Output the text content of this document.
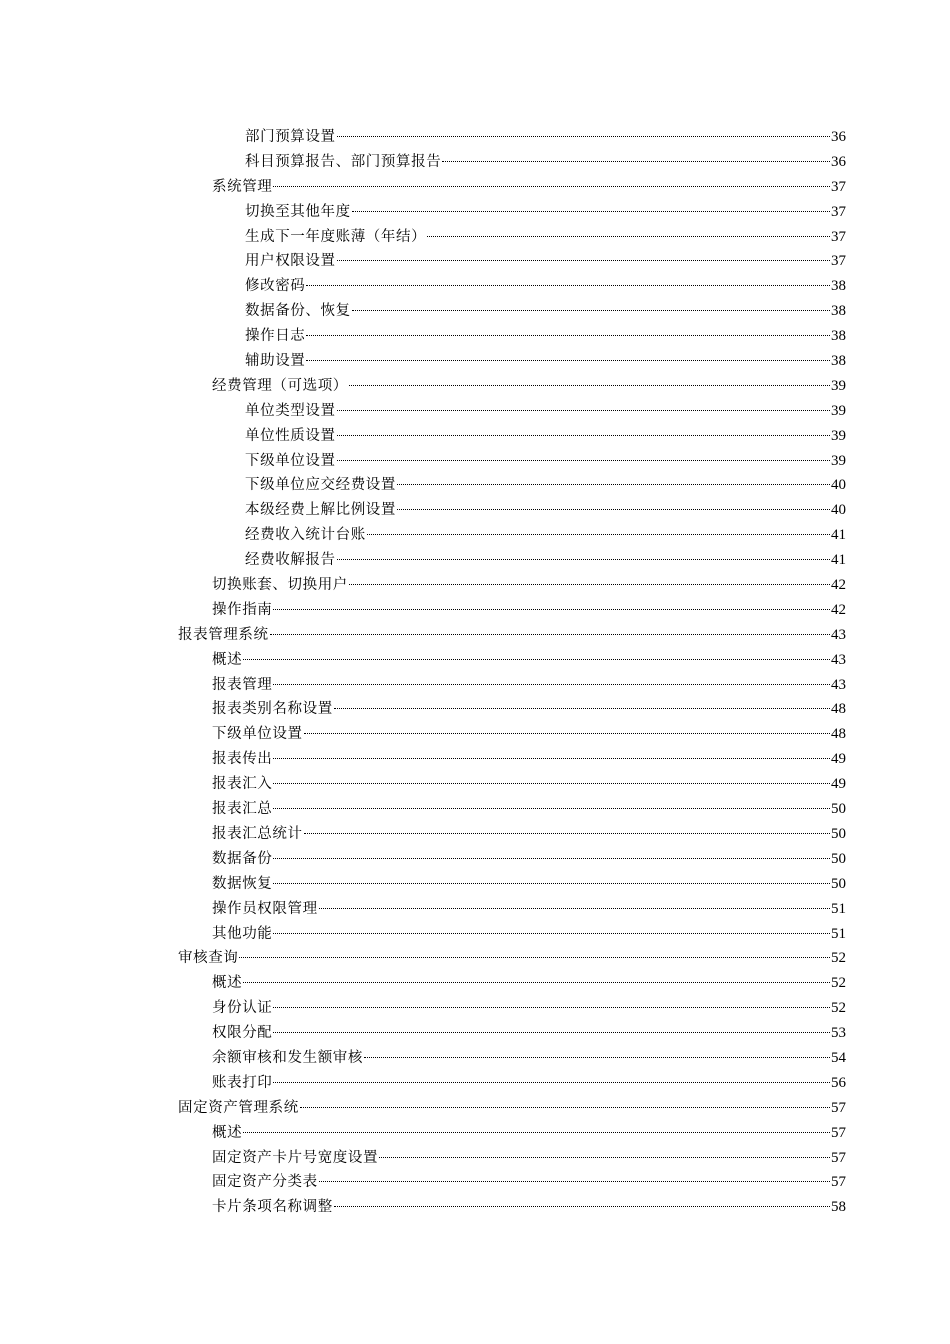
部门预算设置	36
科目预算报告、部门预算报告	36
系统管理	37
切换至其他年度	37
生成下一年度账薄（年结）	37
用户权限设置	37
修改密码	38
数据备份、恢复	38
操作日志	38
辅助设置	38
经费管理（可选项）	39
单位类型设置	39
单位性质设置	39
下级单位设置	39
下级单位应交经费设置	40
本级经费上解比例设置	40
经费收入统计台账	41
经费收解报告	41
切换账套、切换用户	42
操作指南	42
报表管理系统	43
概述	43
报表管理	43
报表类别名称设置	48
下级单位设置	48
报表传出	49
报表汇入	49
报表汇总	50
报表汇总统计	50
数据备份	50
数据恢复	50
操作员权限管理	51
其他功能	51
审核查询	52
概述	52
身份认证	52
权限分配	53
余额审核和发生额审核	54
账表打印	56
固定资产管理系统	57
概述	57
固定资产卡片号宽度设置	57
固定资产分类表	57
卡片条项名称调整	58
